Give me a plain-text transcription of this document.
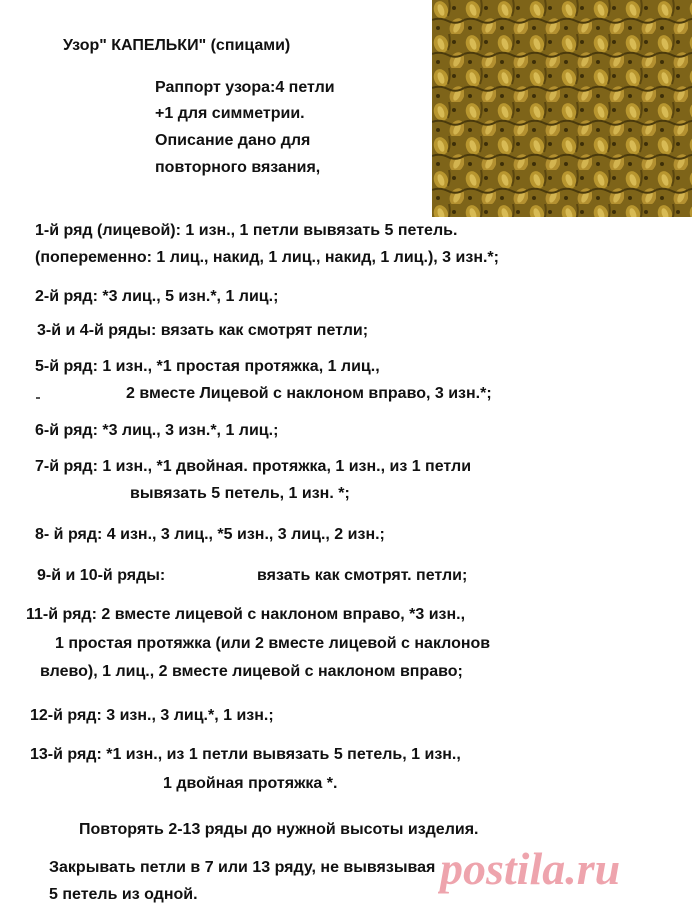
Узор" КАПЕЛЬКИ" (спицами)
Раппорт узора:4 петли
+1 для симметрии.
Описание дано для
повторного вязания,
1-й ряд (лицевой): 1 изн., 1 петли вывязать 5 петель.
(попеременно: 1 лиц., накид, 1 лиц., накид, 1 лиц.), 3 изн.*;
2-й ряд: *3 лиц., 5 изн.*, 1 лиц.;
3-й и 4-й ряды: вязать как смотрят петли;
5-й ряд: 1 изн., *1 простая протяжка, 1 лиц.,
2 вместе Лицевой с наклоном вправо, 3 изн.*;
6-й ряд: *3 лиц., 3 изн.*, 1 лиц.;
7-й ряд: 1 изн., *1 двойная. протяжка, 1 изн., из 1 петли
вывязать 5 петель, 1 изн. *;
8- й ряд: 4 изн., 3 лиц., *5 изн., 3 лиц., 2 изн.;
9-й и 10-й ряды:	вязать как смотрят. петли;
11-й ряд: 2 вместе лицевой с наклоном вправо, *3 изн.,
1 простая протяжка (или 2 вместе лицевой с наклонов
влево), 1 лиц., 2 вместе лицевой с наклоном вправо;
12-й ряд: 3 изн., 3 лиц.*, 1 изн.;
13-й ряд: *1 изн., из 1 петли вывязать 5 петель, 1 изн.,
1 двойная протяжка *.
Повторять 2-13 ряды до нужной высоты изделия.
Закрывать петли в 7 или 13 ряду, не вывязывая
5 петель из одной.
postila.ru
